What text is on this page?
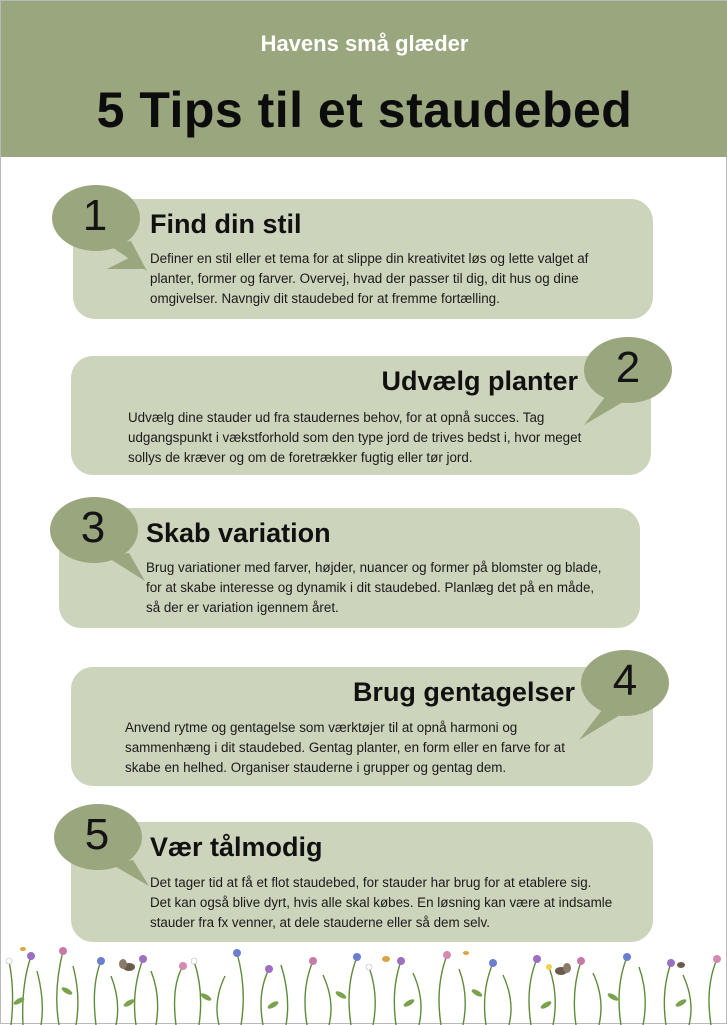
Havens små glæder
5 Tips til et staudebed
Find din stil

Definer en stil eller et tema for at slippe din kreativitet løs og lette valget af planter, former og farver. Overvej, hvad der passer til dig, dit hus og dine omgivelser. Navngiv dit staudebed for at fremme fortælling.

1
Udvælg planter

Udvælg dine stauder ud fra staudernes behov, for at opnå succes. Tag udgangspunkt i vækstforhold som den type jord de trives bedst i, hvor meget sollys de kræver og om de foretrækker fugtig eller tør jord.

2
Skab variation

Brug variationer med farver, højder, nuancer og former på blomster og blade, for at skabe interesse og dynamik i dit staudebed. Planlæg det på en måde, så der er variation igennem året.

3
Brug gentagelser

Anvend rytme og gentagelse som værktøjer til at opnå harmoni og sammenhæng i dit staudebed. Gentag planter, en form eller en farve for at skabe en helhed. Organiser stauderne i grupper og gentag dem.

4
Vær tålmodig

Det tager tid at få et flot staudebed, for stauder har brug for at etablere sig. Det kan også blive dyrt, hvis alle skal købes. En løsning kan være at indsamle stauder fra fx venner, at dele stauderne eller så dem selv.

5
